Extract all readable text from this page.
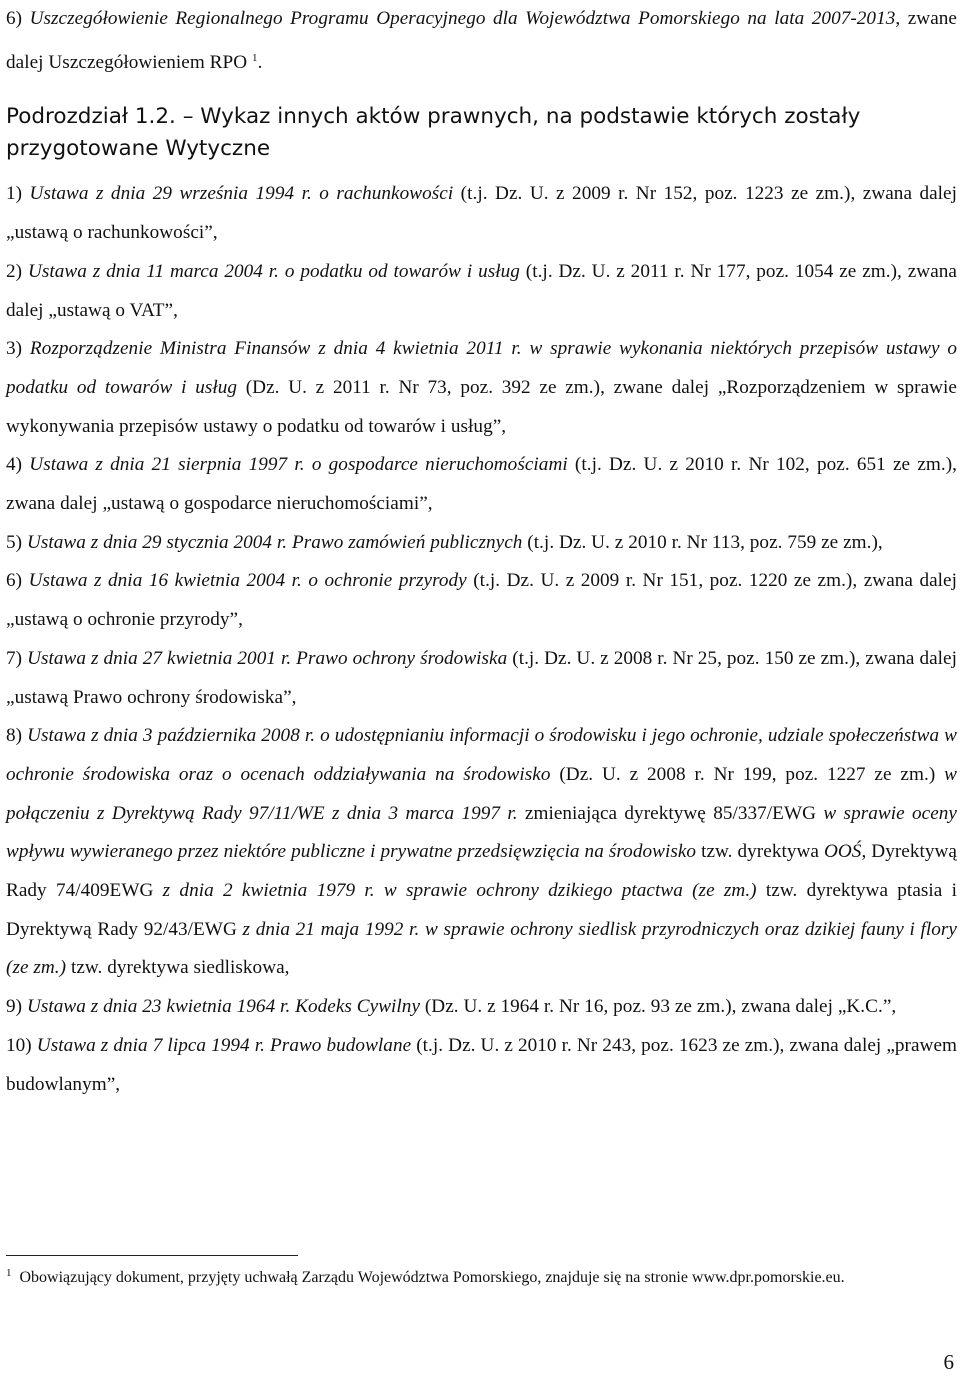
6) Uszczegółowienie Regionalnego Programu Operacyjnego dla Województwa Pomorskiego na lata 2007-2013, zwane dalej Uszczegółowieniem RPO $^1$.

Podrozdział 1.2. – Wykaz innych aktów prawnych, na podstawie których zostały przygotowane Wytyczne

1) Ustawa z dnia 29 września 1994 r. o rachunkowości (t.j. Dz. U. z 2009 r. Nr 152, poz. 1223 ze zm.), zwana dalej „ustawą o rachunkowości”,

2) Ustawa z dnia 11 marca 2004 r. o podatku od towarów i usług (t.j. Dz. U. z 2011 r. Nr 177, poz. 1054 ze zm.), zwana dalej „ustawą o VAT”,

3) Rozporządzenie Ministra Finansów z dnia 4 kwietnia 2011 r. w sprawie wykonania niektórych przepisów ustawy o podatku od towarów i usług (Dz. U. z 2011 r. Nr 73, poz. 392 ze zm.), zwane dalej „Rozporządzeniem w sprawie wykonywania przepisów ustawy o podatku od towarów i usług”,

4) Ustawa z dnia 21 sierpnia 1997 r. o gospodarce nieruchomościami (t.j. Dz. U. z 2010 r. Nr 102, poz. 651 ze zm.), zwana dalej „ustawą o gospodarce nieruchomościami”,

5) Ustawa z dnia 29 stycznia 2004 r. Prawo zamówień publicznych (t.j. Dz. U. z 2010 r. Nr 113, poz. 759 ze zm.),

6) Ustawa z dnia 16 kwietnia 2004 r. o ochronie przyrody (t.j. Dz. U. z 2009 r. Nr 151, poz. 1220 ze zm.), zwana dalej „ustawą o ochronie przyrody”,

7) Ustawa z dnia 27 kwietnia 2001 r. Prawo ochrony środowiska (t.j. Dz. U. z 2008 r. Nr 25, poz. 150 ze zm.), zwana dalej „ustawą Prawo ochrony środowiska”,

8) Ustawa z dnia 3 października 2008 r. o udostępnianiu informacji o środowisku i jego ochronie, udziale społeczeństwa w ochronie środowiska oraz o ocenach oddziaływania na środowisko (Dz. U. z 2008 r. Nr 199, poz. 1227 ze zm.) w połączeniu z Dyrektywą Rady 97/11/WE z dnia 3 marca 1997 r. zmieniająca dyrektywę 85/337/EWG w sprawie oceny wpływu wywieranego przez niektóre publiczne i prywatne przedsięwzięcia na środowisko tzw. dyrektywa OOŚ, Dyrektywą Rady 74/409EWG z dnia 2 kwietnia 1979 r. w sprawie ochrony dzikiego ptactwa (ze zm.) tzw. dyrektywa ptasia i Dyrektywą Rady 92/43/EWG z dnia 21 maja 1992 r. w sprawie ochrony siedlisk przyrodniczych oraz dzikiej fauny i flory (ze zm.) tzw. dyrektywa siedliskowa,

9) Ustawa z dnia 23 kwietnia 1964 r. Kodeks Cywilny (Dz. U. z 1964 r. Nr 16, poz. 93 ze zm.), zwana dalej „K.C.”,

10) Ustawa z dnia 7 lipca 1994 r. Prawo budowlane (t.j. Dz. U. z 2010 r. Nr 243, poz. 1623 ze zm.), zwana dalej „prawem budowlanym”,

$^1$ Obowiązujący dokument, przyjęty uchwałą Zarządu Województwa Pomorskiego, znajduje się na stronie www.dpr.pomorskie.eu.
6
